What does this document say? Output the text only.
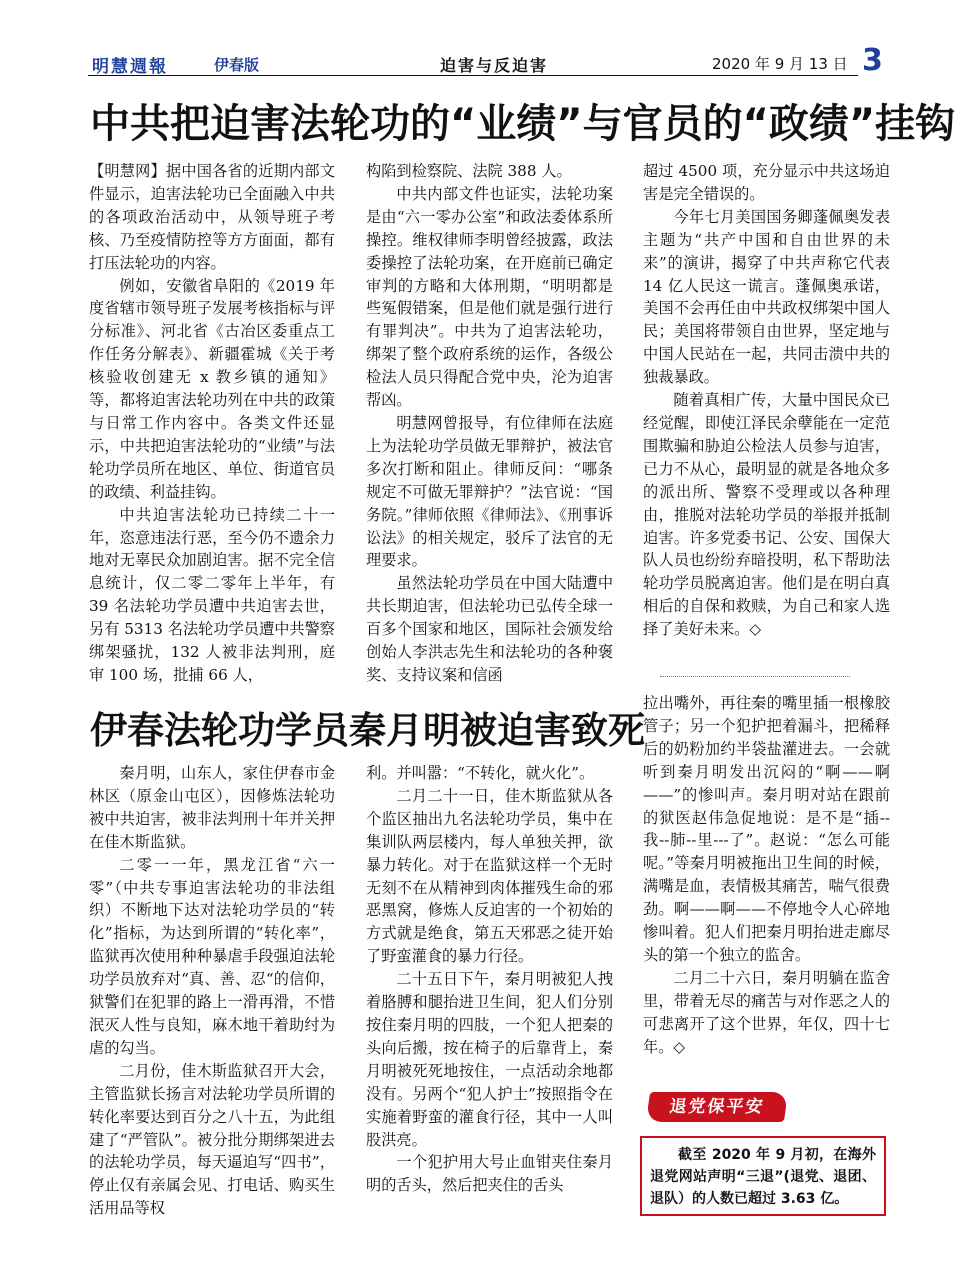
明慧週報	伊春版	迫害与反迫害	2020 年 9 月 13 日 3
中共把迫害法轮功的“业绩”与官员的“政绩”挂钩

【明慧网】据中国各省的近期内部文件显示，迫害法轮功已全面融入中共的各项政治活动中，从领导班子考核、乃至疫情防控等方方面面，都有打压法轮功的内容。

例如，安徽省阜阳的《2019 年度省辖市领导班子发展考核指标与评分标准》、河北省《古冶区委重点工作任务分解表》、新疆霍城《关于考核验收创建无 x 教乡镇的通知》等，都将迫害法轮功列在中共的政策与日常工作内容中。各类文件还显示，中共把迫害法轮功的“业绩”与法轮功学员所在地区、单位、街道官员的政绩、利益挂钩。

中共迫害法轮功已持续二十一年，恣意违法行恶，至今仍不遗余力地对无辜民众加剧迫害。据不完全信息统计，仅二零二零年上半年，有 39 名法轮功学员遭中共迫害去世，另有 5313 名法轮功学员遭中共警察绑架骚扰，132 人被非法判刑，庭审 100 场，批捕 66 人，

构陷到检察院、法院 388 人。

中共内部文件也证实，法轮功案是由“六一零办公室”和政法委体系所操控。维权律师李明曾经披露，政法委操控了法轮功案，在开庭前已确定审判的方略和大体刑期，“明明都是些冤假错案，但是他们就是强行进行有罪判决”。中共为了迫害法轮功，绑架了整个政府系统的运作，各级公检法人员只得配合党中央，沦为迫害帮凶。

明慧网曾报导，有位律师在法庭上为法轮功学员做无罪辩护，被法官多次打断和阻止。律师反问：“哪条规定不可做无罪辩护？”法官说：“国务院。”律师依照《律师法》、《刑事诉讼法》的相关规定，驳斥了法官的无理要求。

虽然法轮功学员在中国大陆遭中共长期迫害，但法轮功已弘传全球一百多个国家和地区，国际社会颁发给创始人李洪志先生和法轮功的各种褒奖、支持议案和信函

超过 4500 项，充分显示中共这场迫害是完全错误的。

今年七月美国国务卿蓬佩奥发表主题为“共产中国和自由世界的未来”的演讲，揭穿了中共声称它代表 14 亿人民这一谎言。蓬佩奥承诺，美国不会再任由中共政权绑架中国人民；美国将带领自由世界，坚定地与中国人民站在一起，共同击溃中共的独裁暴政。

随着真相广传，大量中国民众已经觉醒，即使江泽民余孽能在一定范围欺骗和胁迫公检法人员参与迫害，已力不从心，最明显的就是各地众多的派出所、警察不受理或以各种理由，推脱对法轮功学员的举报并抵制迫害。许多党委书记、公安、国保大队人员也纷纷弃暗投明，私下帮助法轮功学员脱离迫害。他们是在明白真相后的自保和救赎，为自己和家人选择了美好未来。◇

伊春法轮功学员秦月明被迫害致死

秦月明，山东人，家住伊春市金林区（原金山屯区），因修炼法轮功被中共迫害，被非法判刑十年并关押在佳木斯监狱。

二零一一年，黑龙江省“六一零”（中共专事迫害法轮功的非法组织）不断地下达对法轮功学员的“转化”指标，为达到所谓的“转化率”，监狱再次使用种种暴虐手段强迫法轮功学员放弃对“真、善、忍“的信仰，狱警们在犯罪的路上一滑再滑，不惜泯灭人性与良知，麻木地干着助纣为虐的勾当。

二月份，佳木斯监狱召开大会，主管监狱长扬言对法轮功学员所谓的转化率要达到百分之八十五，为此组建了“严管队”。被分批分期绑架进去的法轮功学员，每天逼迫写“四书”，停止仅有亲属会见、打电话、购买生活用品等权

利。并叫嚣：“不转化，就火化”。

二月二十一日，佳木斯监狱从各个监区抽出九名法轮功学员，集中在集训队两层楼内，每人单独关押，欲暴力转化。对于在监狱这样一个无时无刻不在从精神到肉体摧残生命的邪恶黑窝，修炼人反迫害的一个初始的方式就是绝食，第五天邪恶之徒开始了野蛮灌食的暴力行径。

二十五日下午，秦月明被犯人拽着胳膊和腿抬进卫生间，犯人们分别按住秦月明的四肢，一个犯人把秦的头向后搬，按在椅子的后靠背上，秦月明被死死地按住，一点活动余地都没有。另两个“犯人护士”按照指令在实施着野蛮的灌食行径，其中一人叫股洪亮。

一个犯护用大号止血钳夹住秦月明的舌头，然后把夹住的舌头

拉出嘴外，再往秦的嘴里插一根橡胶管子；另一个犯护把着漏斗，把稀释后的奶粉加约半袋盐灌进去。一会就听到秦月明发出沉闷的“啊——啊——”的惨叫声。秦月明对站在跟前的狱医赵伟急促地说：是不是“插--我--肺--里---了”。赵说：“怎么可能呢。”等秦月明被拖出卫生间的时候，满嘴是血，表情极其痛苦，喘气很费劲。啊——啊——不停地令人心碎地惨叫着。犯人们把秦月明抬进走廊尽头的第一个独立的监舍。

二月二十六日，秦月明躺在监舍里，带着无尽的痛苦与对作恶之人的可悲离开了这个世界，年仅，四十七年。◇

退党保平安

截至 2020 年 9 月初，在海外退党网站声明“三退”(退党、退团、退队）的人数已超过 3.63 亿。
